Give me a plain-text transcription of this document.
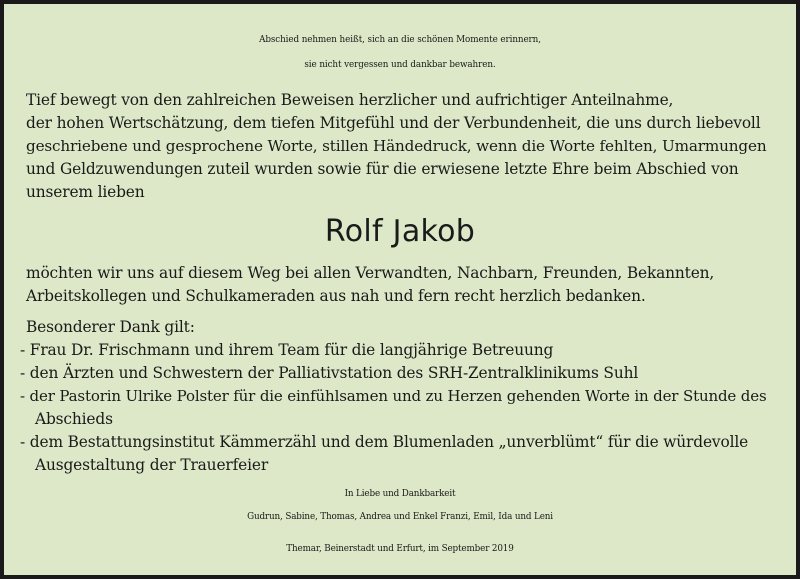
Abschied nehmen heißt, sich an die schönen Momente erinnern,
sie nicht vergessen und dankbar bewahren.
Tief bewegt von den zahlreichen Beweisen herzlicher und aufrichtiger Anteilnahme,
der hohen Wertschätzung, dem tiefen Mitgefühl und der Verbundenheit, die uns durch liebevoll
geschriebene und gesprochene Worte, stillen Händedruck, wenn die Worte fehlten, Umarmungen
und Geldzuwendungen zuteil wurden sowie für die erwiesene letzte Ehre beim Abschied von
unserem lieben
Rolf Jakob
möchten wir uns auf diesem Weg bei allen Verwandten, Nachbarn, Freunden, Bekannten,
Arbeitskollegen und Schulkameraden aus nah und fern recht herzlich bedanken.
Besonderer Dank gilt:
- Frau Dr. Frischmann und ihrem Team für die langjährige Betreuung
- den Ärzten und Schwestern der Palliativstation des SRH-Zentralklinikums Suhl
- der Pastorin Ulrike Polster für die einfühlsamen und zu Herzen gehenden Worte in der Stunde des
Abschieds
- dem Bestattungsinstitut Kämmerzähl und dem Blumenladen „unverblümt“ für die würdevolle
Ausgestaltung der Trauerfeier
In Liebe und Dankbarkeit
Gudrun, Sabine, Thomas, Andrea und Enkel Franzi, Emil, Ida und Leni
Themar, Beinerstadt und Erfurt, im September 2019
